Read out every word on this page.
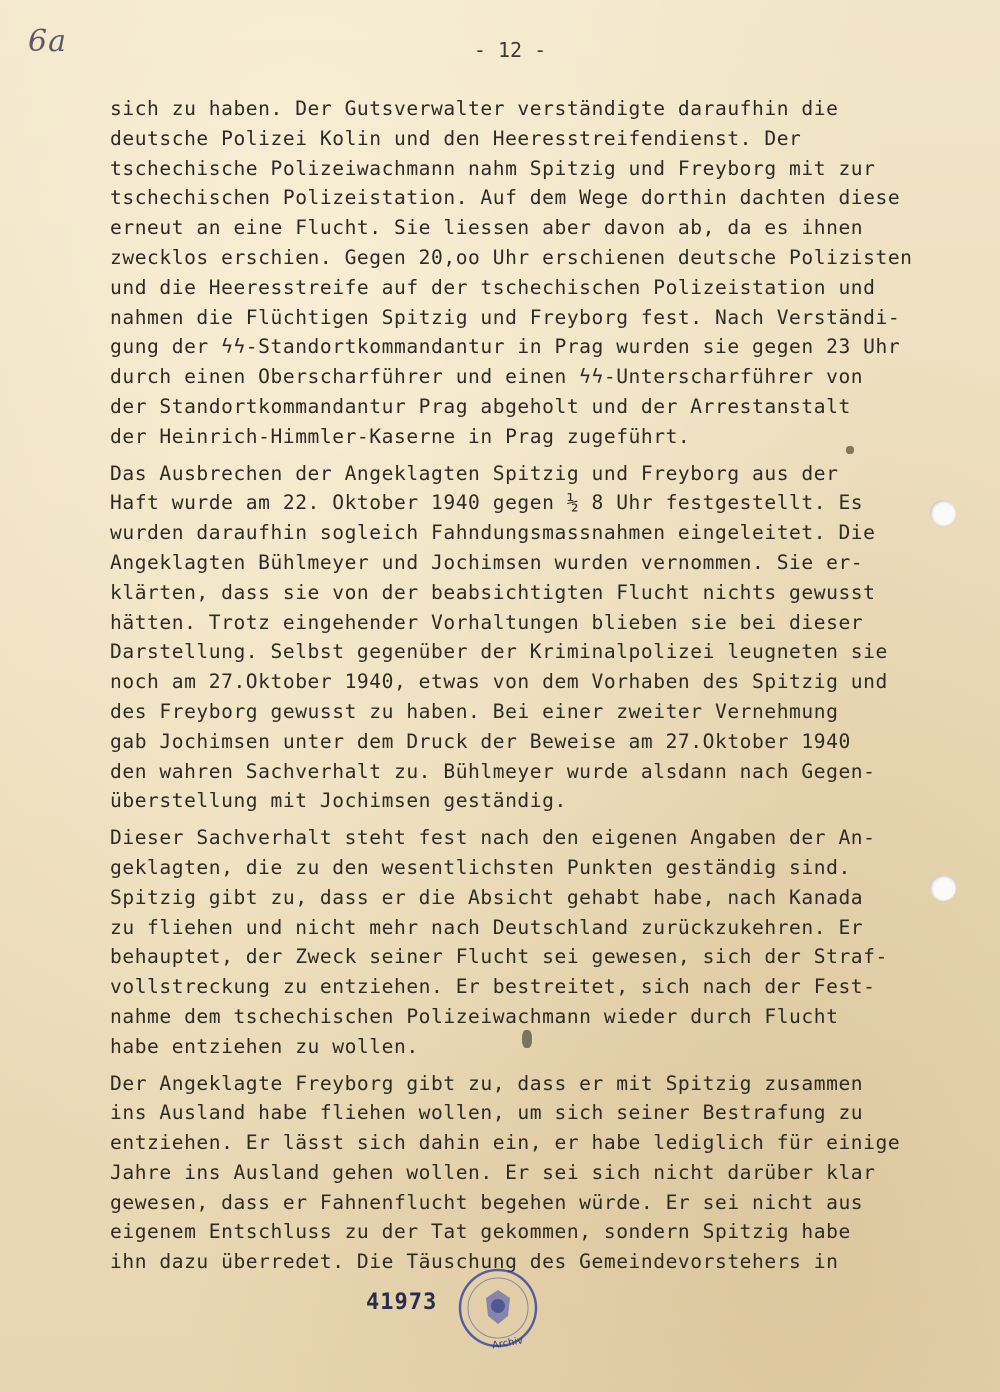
6a	- 12 -
sich zu haben. Der Gutsverwalter verständigte daraufhin die
deutsche Polizei Kolin und den Heeresstreifendienst. Der
tschechische Polizeiwachmann nahm Spitzig und Freyborg mit zur
tschechischen Polizeistation. Auf dem Wege dorthin dachten diese
erneut an eine Flucht. Sie liessen aber davon ab, da es ihnen
zwecklos erschien. Gegen 20,oo Uhr erschienen deutsche Polizisten
und die Heeresstreife auf der tschechischen Polizeistation und
nahmen die Flüchtigen Spitzig und Freyborg fest. Nach Verständi-
gung der ϟϟ-Standortkommandantur in Prag wurden sie gegen 23 Uhr
durch einen Oberscharführer und einen ϟϟ-Unterscharführer von
der Standortkommandantur Prag abgeholt und der Arrestanstalt
der Heinrich-Himmler-Kaserne in Prag zugeführt.
Das Ausbrechen der Angeklagten Spitzig und Freyborg aus der
Haft wurde am 22. Oktober 1940 gegen ½ 8 Uhr festgestellt. Es
wurden daraufhin sogleich Fahndungsmassnahmen eingeleitet. Die
Angeklagten Bühlmeyer und Jochimsen wurden vernommen. Sie er-
klärten, dass sie von der beabsichtigten Flucht nichts gewusst
hätten. Trotz eingehender Vorhaltungen blieben sie bei dieser
Darstellung. Selbst gegenüber der Kriminalpolizei leugneten sie
noch am 27.Oktober 1940, etwas von dem Vorhaben des Spitzig und
des Freyborg gewusst zu haben. Bei einer zweiter Vernehmung
gab Jochimsen unter dem Druck der Beweise am 27.Oktober 1940
den wahren Sachverhalt zu. Bühlmeyer wurde alsdann nach Gegen-
überstellung mit Jochimsen geständig.
Dieser Sachverhalt steht fest nach den eigenen Angaben der An-
geklagten, die zu den wesentlichsten Punkten geständig sind.
Spitzig gibt zu, dass er die Absicht gehabt habe, nach Kanada
zu fliehen und nicht mehr nach Deutschland zurückzukehren. Er
behauptet, der Zweck seiner Flucht sei gewesen, sich der Straf-
vollstreckung zu entziehen. Er bestreitet, sich nach der Fest-
nahme dem tschechischen Polizeiwachmann wieder durch Flucht
habe entziehen zu wollen.
Der Angeklagte Freyborg gibt zu, dass er mit Spitzig zusammen
ins Ausland habe fliehen wollen, um sich seiner Bestrafung zu
entziehen. Er lässt sich dahin ein, er habe lediglich für einige
Jahre ins Ausland gehen wollen. Er sei sich nicht darüber klar
gewesen, dass er Fahnenflucht begehen würde. Er sei nicht aus
eigenem Entschluss zu der Tat gekommen, sondern Spitzig habe
ihn dazu überredet. Die Täuschung des Gemeindevorstehers in
41973
Archiv
